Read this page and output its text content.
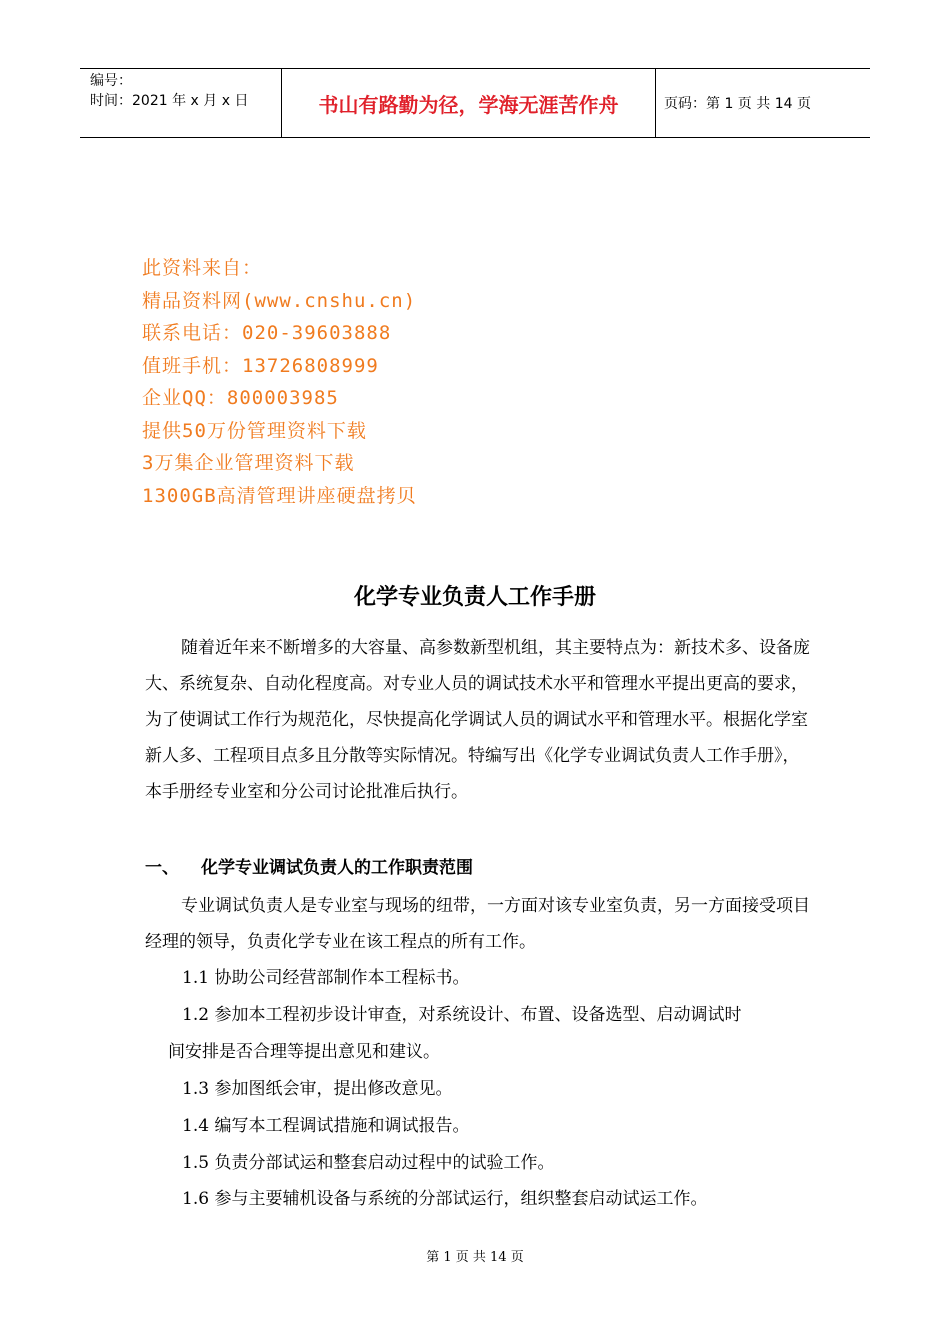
编号：
时间：2021 年 x 月 x 日	书山有路勤为径，学海无涯苦作舟	页码：第 1 页 共 14 页
此资料来自：
精品资料网(www.cnshu.cn)
联系电话：020-39603888
值班手机：13726808999
企业QQ：800003985
提供50万份管理资料下载
3万集企业管理资料下载
1300GB高清管理讲座硬盘拷贝
化学专业负责人工作手册
随着近年来不断增多的大容量、高参数新型机组，其主要特点为：新技术多、设备庞大、系统复杂、自动化程度高。对专业人员的调试技术水平和管理水平提出更高的要求，为了使调试工作行为规范化，尽快提高化学调试人员的调试水平和管理水平。根据化学室新人多、工程项目点多且分散等实际情况。特编写出《化学专业调试负责人工作手册》，本手册经专业室和分公司讨论批准后执行。
一、 化学专业调试负责人的工作职责范围
专业调试负责人是专业室与现场的纽带，一方面对该专业室负责，另一方面接受项目经理的领导，负责化学专业在该工程点的所有工作。
1.1 协助公司经营部制作本工程标书。
1.2 参加本工程初步设计审查，对系统设计、布置、设备选型、启动调试时
间安排是否合理等提出意见和建议。
1.3 参加图纸会审，提出修改意见。
1.4 编写本工程调试措施和调试报告。
1.5 负责分部试运和整套启动过程中的试验工作。
1.6 参与主要辅机设备与系统的分部试运行，组织整套启动试运工作。
第 1 页 共 14 页
